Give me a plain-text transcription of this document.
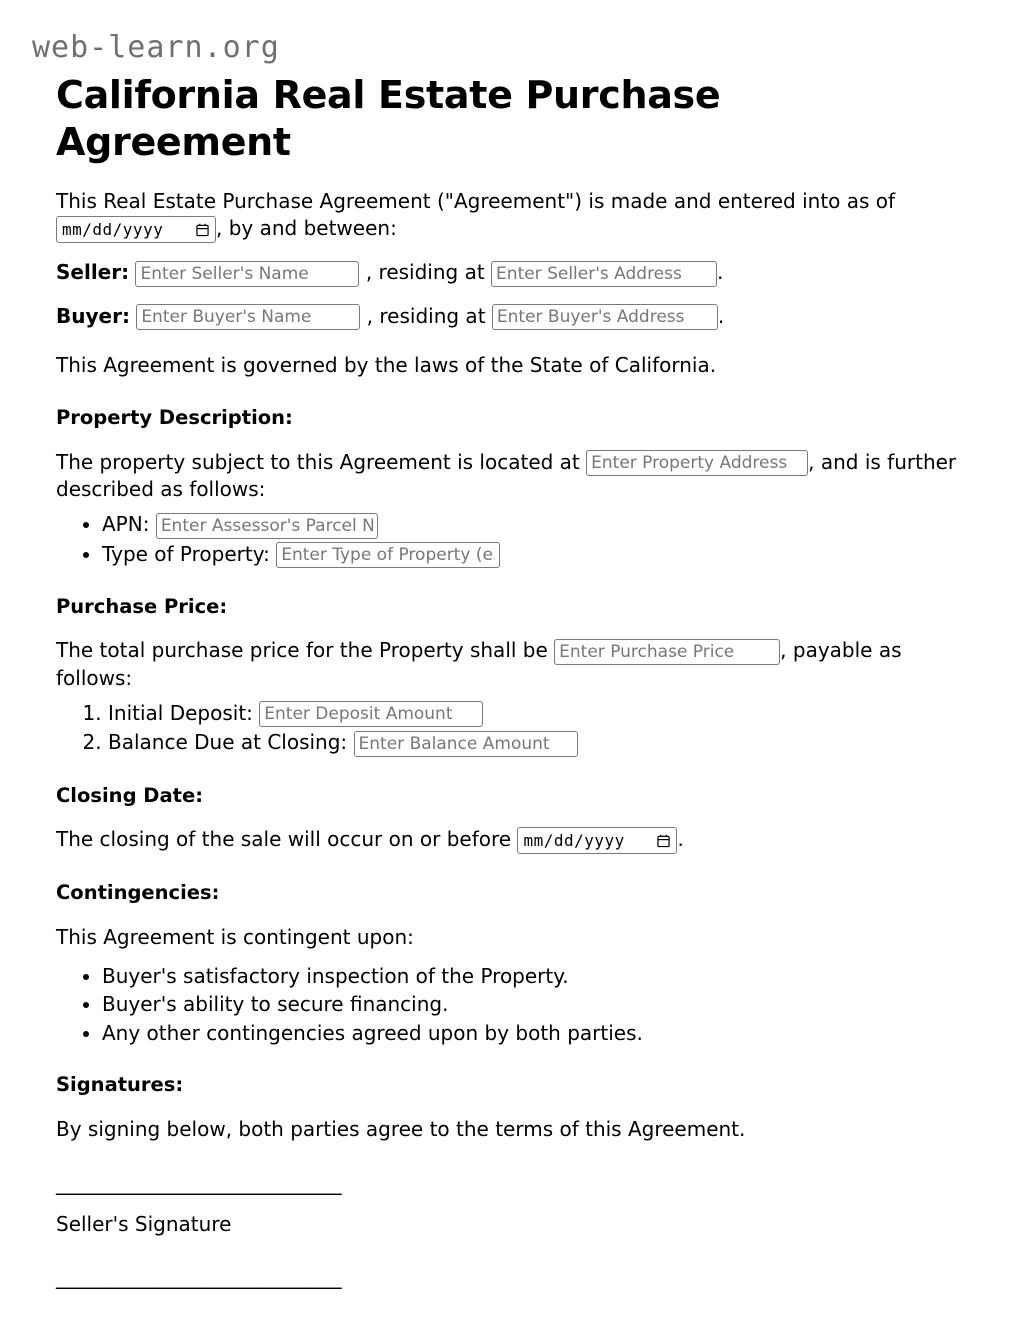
web-learn.org
California Real Estate Purchase Agreement

This Real Estate Purchase Agreement ("Agreement") is made and entered into as of

mm/dd/yyyy	, by and between:

Seller: Enter Seller's Name	, residing at Enter Seller's Address	.

Buyer: Enter Buyer's Name	, residing at Enter Buyer's Address	.

This Agreement is governed by the laws of the State of California.

Property Description:

The property subject to this Agreement is located at Enter Property Address	, and is further described as follows:

• APN: Enter Assessor's Parcel Number
• Type of Property: Enter Type of Property (e.g., Residential)
Purchase Price:

The total purchase price for the Property shall be Enter Purchase Price	, payable as follows:

1. Initial Deposit: Enter Deposit Amount
2. Balance Due at Closing: Enter Balance Amount
Closing Date:

The closing of the sale will occur on or before mm/dd/yyyy	.

Contingencies:

This Agreement is contingent upon:

• Buyer's satisfactory inspection of the Property.
• Buyer's ability to secure financing.
• Any other contingencies agreed upon by both parties.
Signatures:

By signing below, both parties agree to the terms of this Agreement.

______________________________
Seller's Signature
______________________________
